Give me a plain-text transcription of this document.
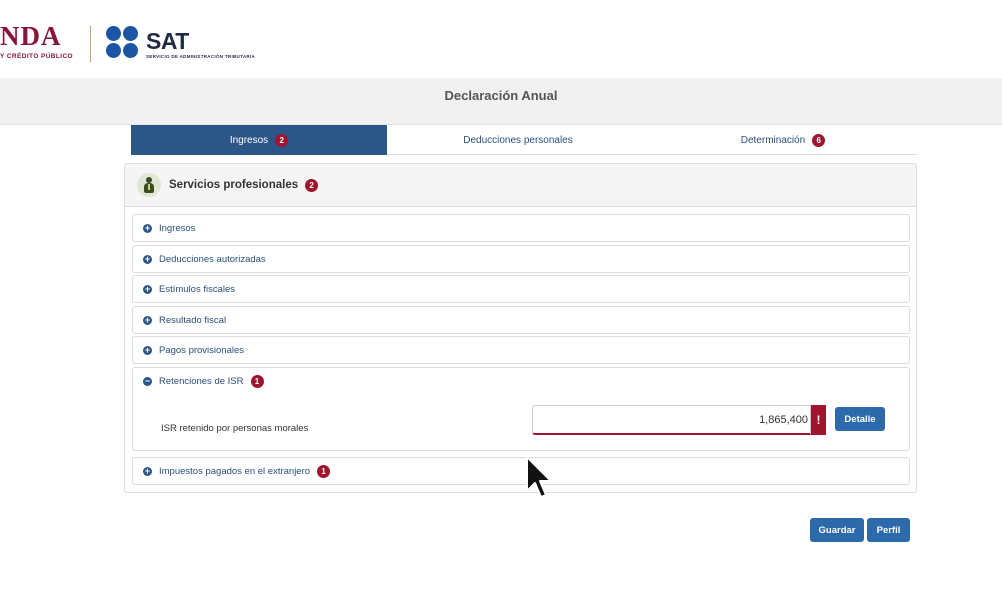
NDA
Y CRÉDITO PÚBLICO
SAT
SERVICIO DE ADMINISTRACIÓN TRIBUTARIA
Declaración Anual
Ingresos	2	Deducciones personales	Determinación	6
Servicios profesionales	2
+ Ingresos
+ Deducciones autorizadas
+ Estímulos fiscales
+ Resultado fiscal
+ Pagos provisionales
− Retenciones de ISR	1
ISR retenido por personas morales
1,865,400
!	Detalle
+ Impuestos pagados en el extranjero	1
Guardar	Perfil
